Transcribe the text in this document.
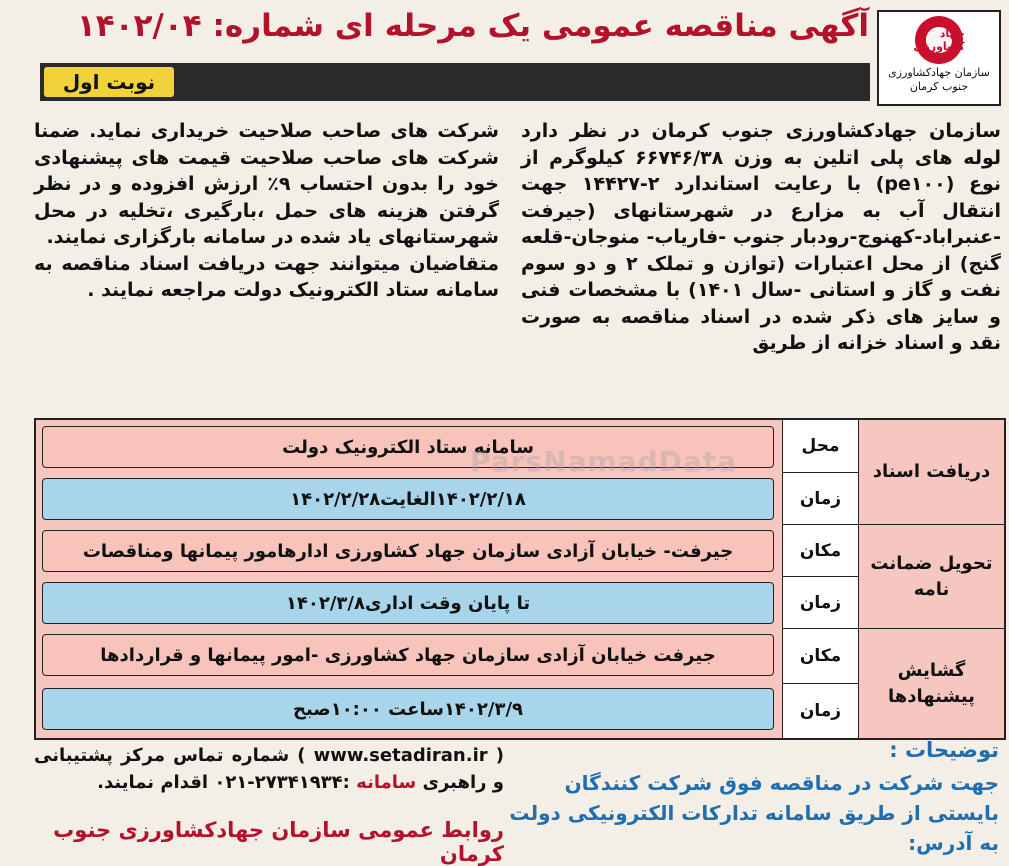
جهاد کشاورزی
سازمان جهادکشاورزی
جنوب کرمان
آگهی مناقصه عمومی یک مرحله ای شماره: ۱۴۰۲/۰۴
نوبت اول

سازمان جهادکشاورزی جنوب کرمان در نظر دارد لوله های پلی اتلین به وزن ۶۶۷۴۶/۳۸ کیلوگرم از نوع (pe۱۰۰) با رعایت استاندارد ۲-۱۴۴۲۷ جهت انتقال آب به مزارع در شهرستانهای (جیرفت -عنبراباد-کهنوج-رودبار جنوب -فاریاب- منوجان-قلعه گنج) از محل اعتبارات (توازن و تملک ۲ و دو سوم نفت و گاز و استانی -سال ۱۴۰۱) با مشخصات فنی و سایز های ذکر شده در اسناد مناقصه به صورت نقد و اسناد خزانه از طریق

شرکت های صاحب صلاحیت خریداری نماید. ضمنا شرکت های صاحب صلاحیت قیمت های پیشنهادی خود را بدون احتساب ۹٪ ارزش افزوده و در نظر گرفتن هزینه های حمل ،بارگیری ،تخلیه در محل شهرستانهای یاد شده در سامانه بارگزاری نمایند.

متقاضیان میتوانند جهت دریافت اسناد مناقصه به سامانه ستاد الکترونیک دولت مراجعه نمایند .

دریافت اسناد
تحویل ضمانت نامه
گشایش پیشنهادها
محل
سامانه ستاد الکترونیک دولت
زمان
۱۴۰۲/۲/۱۸الغایت۱۴۰۲/۲/۲۸
مکان
جیرفت- خیابان آزادی سازمان جهاد کشاورزی ادارهامور پیمانها ومناقصات
زمان
تا پایان وقت اداری۱۴۰۲/۳/۸
مکان
جیرفت خیابان آزادی سازمان جهاد کشاورزی -امور پیمانها و قراردادها
زمان
۱۴۰۲/۳/۹ساعت ۱۰:۰۰صبح
توضیحات :
جهت شرکت در مناقصه فوق شرکت کنندگان بایستی از طریق سامانه تدارکات الکترونیکی دولت به آدرس:
( www.setadiran.ir ) شماره تماس مرکز پشتیبانی و راهبری سامانه :۲۷۳۴۱۹۳۴-۰۲۱ اقدام نمایند.
روابط عمومی سازمان جهادکشاورزی جنوب کرمان
ParsNamadData
